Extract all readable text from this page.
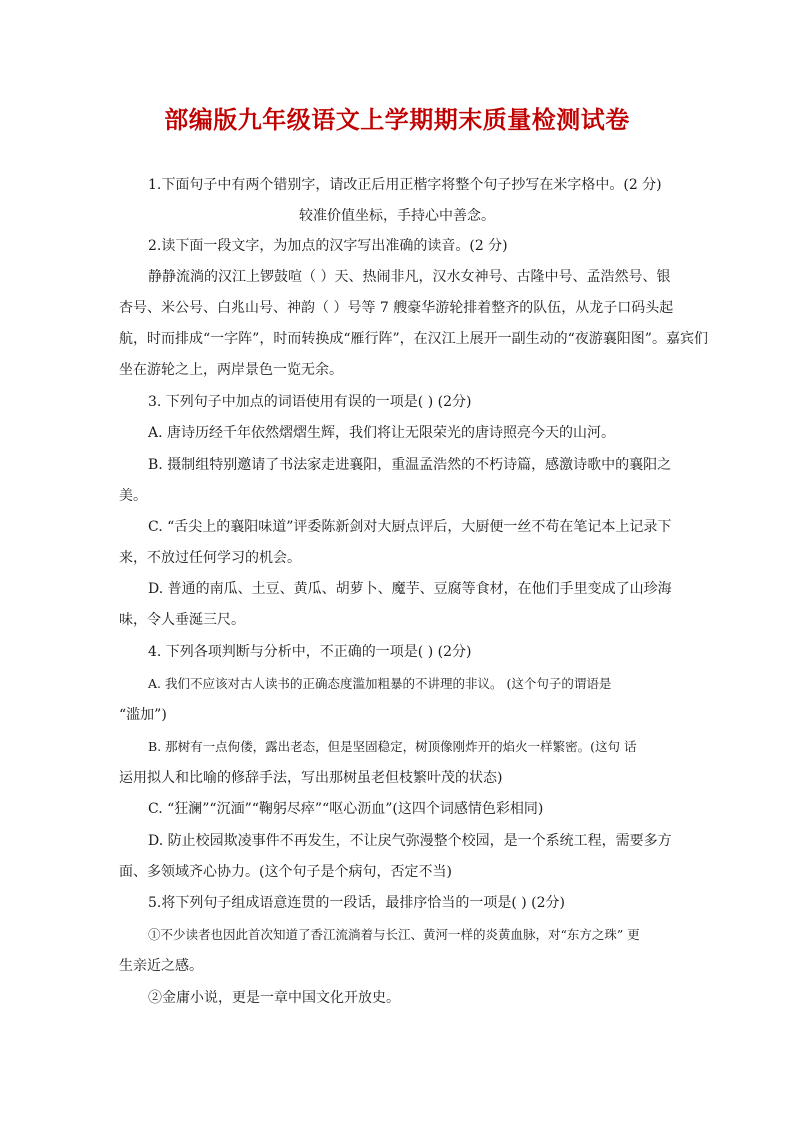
部编版九年级语文上学期期末质量检测试卷
1.下面句子中有两个错别字，请改正后用正楷字将整个句子抄写在米字格中。(2 分)
较准价值坐标，手持心中善念。
2.读下面一段文字，为加点的汉字写出准确的读音。(2 分)
静静流淌的汉江上锣鼓喧（ ）天、热闹非凡，汉水女神号、古隆中号、孟浩然号、银
杏号、米公号、白兆山号、神韵（ ）号等 7 艘豪华游轮排着整齐的队伍，从龙子口码头起
航，时而排成“一字阵”，时而转换成“雁行阵”，在汉江上展开一副生动的“夜游襄阳图”。嘉宾们
坐在游轮之上，两岸景色一览无余。
3. 下列句子中加点的词语使用有误的一项是( ) (2分)
A. 唐诗历经千年依然熠熠生辉，我们将让无限荣光的唐诗照亮今天的山河。
B. 摄制组特别邀请了书法家走进襄阳，重温孟浩然的不朽诗篇，感激诗歌中的襄阳之
美。
C. “舌尖上的襄阳味道”评委陈新剑对大厨点评后，大厨便一丝不苟在笔记本上记录下
来，不放过任何学习的机会。
D. 普通的南瓜、土豆、黄瓜、胡萝卜、魔芋、豆腐等食材，在他们手里变成了山珍海
味，令人垂涎三尺。
4. 下列各项判断与分析中，不正确的一项是( ) (2分)
A. 我们不应该对古人读书的正确态度滥加粗暴的不讲理的非议。 (这个句子的谓语是
“滥加”)
B. 那树有一点佝偻，露出老态，但是坚固稳定，树顶像刚炸开的焰火一样繁密。(这句 话
运用拟人和比喻的修辞手法，写出那树虽老但枝繁叶茂的状态)
C. “狂澜”“沉湎”“鞠躬尽瘁”“呕心沥血”(这四个词感情色彩相同)
D. 防止校园欺凌事件不再发生，不让戾气弥漫整个校园，是一个系统工程，需要多方
面、多领域齐心协力。(这个句子是个病句，否定不当)
5.将下列句子组成语意连贯的一段话，最排序恰当的一项是( ) (2分)
①不少读者也因此首次知道了香江流淌着与长江、黄河一样的炎黄血脉，对“东方之珠” 更
生亲近之感。
②金庸小说，更是一章中国文化开放史。
